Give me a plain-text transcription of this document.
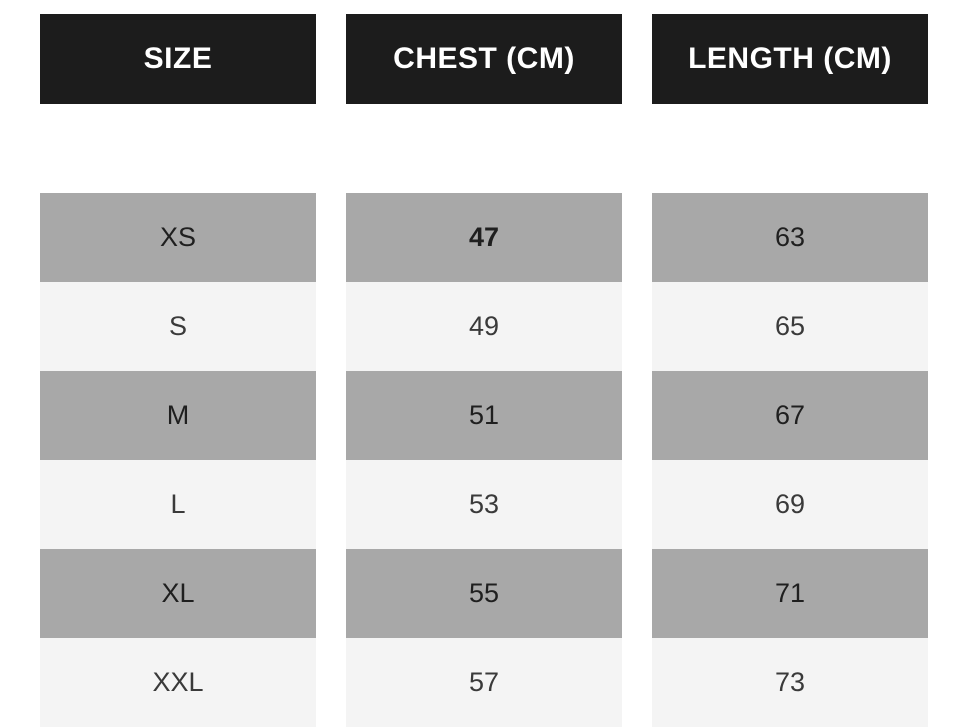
SIZE	CHEST (CM)	LENGTH (CM)

XS	47	63
S	49	65
M	51	67
L	53	69
XL	55	71
XXL	57	73
